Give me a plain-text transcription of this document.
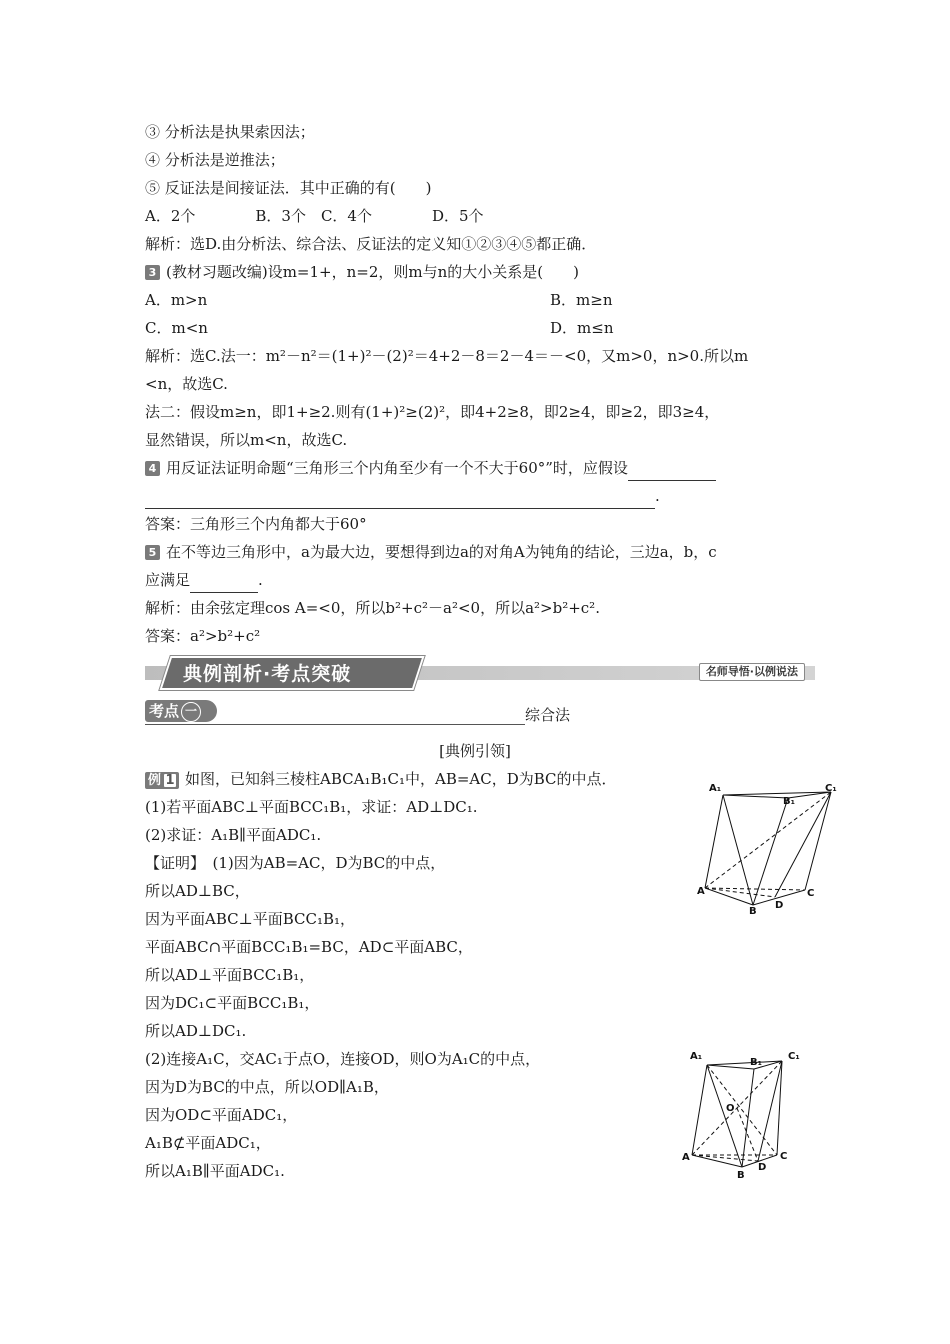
③ 分析法是执果索因法；
④ 分析法是逆推法；
⑤ 反证法是间接证法．其中正确的有(　　)
A．2个　　　　B．3个　C．4个　　　　D．5个
解析：选D.由分析法、综合法、反证法的定义知①②③④⑤都正确．
3 (教材习题改编)设m=1+，n=2，则m与n的大小关系是(　　)
A．m>n	B．m≥n
C．m<n	D．m≤n
解析：选C.法一：m²－n²＝(1+)²－(2)²＝4+2－8＝2－4＝－<0，又m>0，n>0.所以m
<n，故选C.
法二：假设m≥n，即1+≥2.则有(1+)²≥(2)²，即4+2≥8，即2≥4，即≥2，即3≥4，
显然错误，所以m<n，故选C.
4 用反证法证明命题“三角形三个内角至少有一个不大于60°”时，应假设
.
答案：三角形三个内角都大于60°
5 在不等边三角形中，a为最大边，要想得到边a的对角A为钝角的结论，三边a，b，c
应满足	.
解析：由余弦定理cos A=<0，所以b²+c²－a²<0，所以a²>b²+c².
答案：a²>b²+c²
典例剖析·考点突破	名师导悟·以例说法
考点 一	综合法
[典例引领]
例 1 如图，已知斜三棱柱ABCA₁B₁C₁中，AB=AC，D为BC的中点．
(1)若平面ABC⊥平面BCC₁B₁，求证：AD⊥DC₁.
(2)求证：A₁B∥平面ADC₁.
【证明】　(1)因为AB=AC，D为BC的中点，
所以AD⊥BC，
因为平面ABC⊥平面BCC₁B₁，
平面ABC∩平面BCC₁B₁=BC，AD⊂平面ABC，
所以AD⊥平面BCC₁B₁，
因为DC₁⊂平面BCC₁B₁，
所以AD⊥DC₁.
(2)连接A₁C，交AC₁于点O，连接OD，则O为A₁C的中点，
因为D为BC的中点，所以OD∥A₁B，
因为OD⊂平面ADC₁，
A₁B⊄平面ADC₁，
所以A₁B∥平面ADC₁.
A₁
B₁
C₁
A
B
D
C
A₁
B₁
C₁
O
A
B
D
C
